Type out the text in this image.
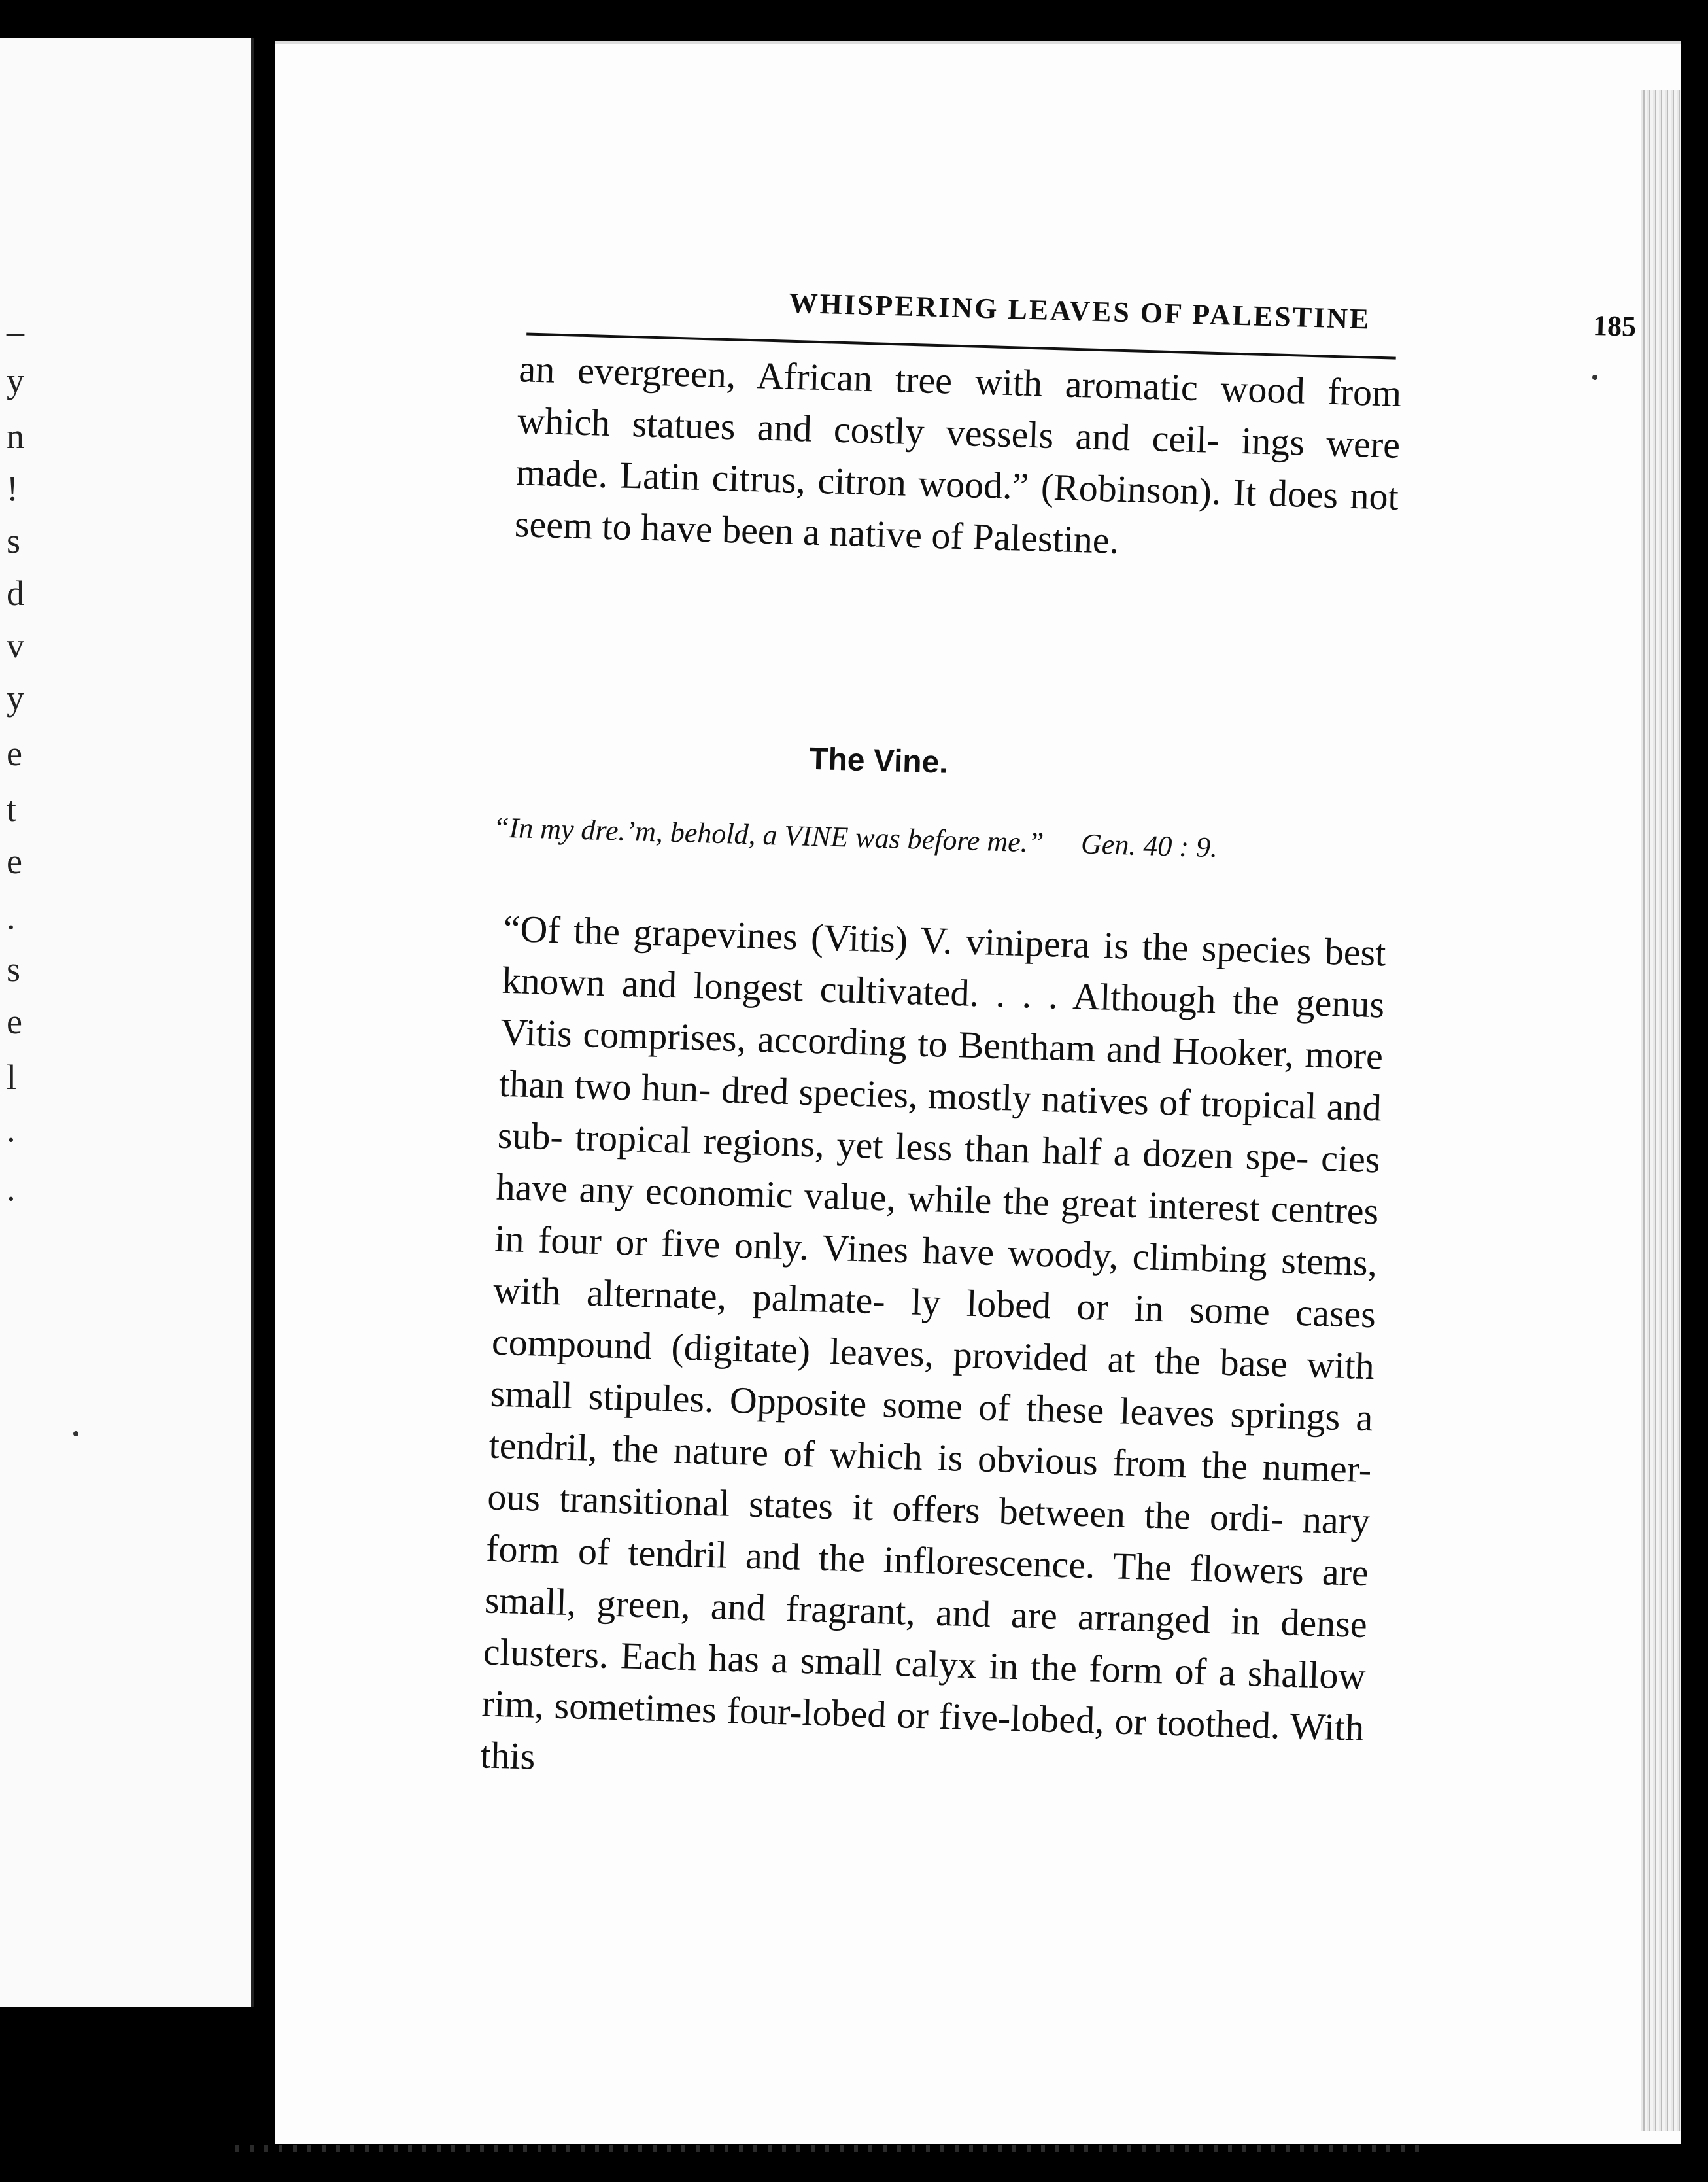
–
y
n
!
s
d
v
y
e
t
e
.
s
e
l
.
.
WHISPERING LEAVES OF PALESTINE	185
an evergreen, African tree with aromatic wood from which statues and costly vessels and ceil- ings were made. Latin citrus, citron wood.” (Robinson). It does not seem to have been a native of Palestine.
The Vine.
“In my dre.ʼm, behold, a VINE was before me.” Gen. 40 : 9.
“Of the grapevines (Vitis) V. vinipera is the species best known and longest cultivated. . . . Although the genus Vitis comprises, according to Bentham and Hooker, more than two hun- dred species, mostly natives of tropical and sub- tropical regions, yet less than half a dozen spe- cies have any economic value, while the great interest centres in four or five only. Vines have woody, climbing stems, with alternate, palmate- ly lobed or in some cases compound (digitate) leaves, provided at the base with small stipules. Opposite some of these leaves springs a tendril, the nature of which is obvious from the numer- ous transitional states it offers between the ordi- nary form of tendril and the inflorescence. The flowers are small, green, and fragrant, and are arranged in dense clusters. Each has a small calyx in the form of a shallow rim, sometimes four-lobed or five-lobed, or toothed. With this
